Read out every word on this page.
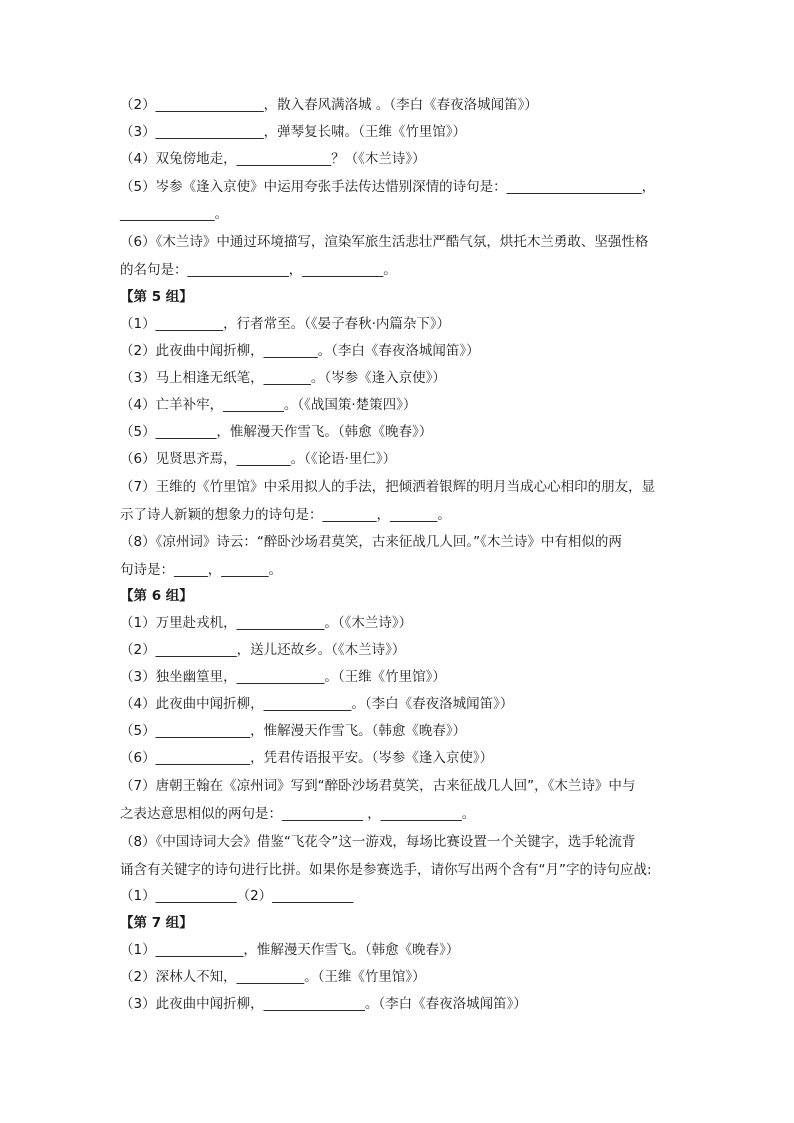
（2）________________，散入春风满洛城 。（李白《春夜洛城闻笛》）
（3）________________，弹琴复长啸。（王维《竹里馆》）
（4）双兔傍地走，______________？（《木兰诗》）
（5）岑参《逢入京使》中运用夸张手法传达惜别深情的诗句是：____________________，
______________。
（6）《木兰诗》中通过环境描写，渲染军旅生活悲壮严酷气氛，烘托木兰勇敢、坚强性格
的名句是：_______________，____________。
【第 5 组】
（1）__________，行者常至。（《晏子春秋·内篇杂下》）
（2）此夜曲中闻折柳，________。（李白《春夜洛城闻笛》）
（3）马上相逢无纸笔，_______。（岑参《逢入京使》）
（4）亡羊补牢，_________。（《战国策·楚策四》）
（5）_________，惟解漫天作雪飞。（韩愈《晚春》）
（6）见贤思齐焉，________。（《论语·里仁》）
（7）王维的《竹里馆》中采用拟人的手法，把倾洒着银辉的明月当成心心相印的朋友，显
示了诗人新颖的想象力的诗句是：________，_______。
（8）《凉州词》诗云：“醉卧沙场君莫笑，古来征战几人回。”《木兰诗》中有相似的两
句诗是：_____，_______。
【第 6 组】
（1）万里赴戎机，_____________。（《木兰诗》）
（2）____________，送儿还故乡。（《木兰诗》）
（3）独坐幽篁里，_____________。（王维《竹里馆》）
（4）此夜曲中闻折柳，_____________。（李白《春夜洛城闻笛》）
（5）______________，惟解漫天作雪飞。（韩愈《晚春》）
（6）______________，凭君传语报平安。（岑参《逢入京使》）
（7）唐朝王翰在《凉州词》写到“醉卧沙场君莫笑，古来征战几人回”，《木兰诗》中与
之表达意思相似的两句是：____________ ，____________。
（8）《中国诗词大会》借鉴“飞花令”这一游戏，每场比赛设置一个关键字，选手轮流背
诵含有关键字的诗句进行比拼。如果你是参赛选手，请你写出两个含有“月”字的诗句应战:
（1）____________（2）____________
【第 7 组】
（1）_____________，惟解漫天作雪飞。（韩愈《晚春》）
（2）深林人不知，__________。（王维《竹里馆》）
（3）此夜曲中闻折柳，_______________。（李白《春夜洛城闻笛》）
